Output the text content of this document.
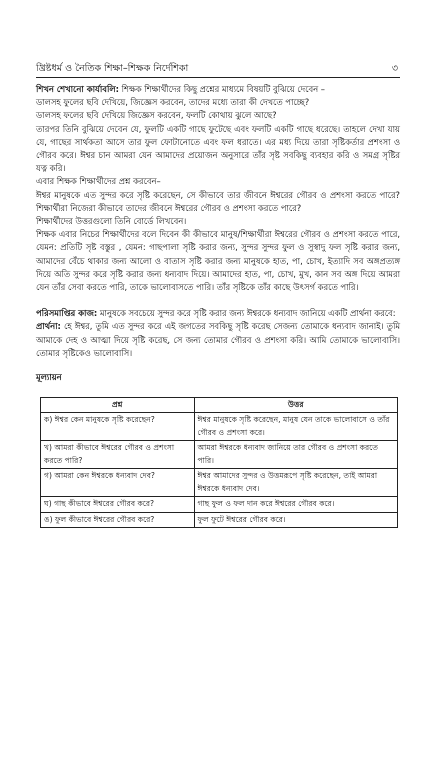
খ্রিষ্টধর্ম ও নৈতিক শিক্ষা–শিক্ষক নির্দেশিকা	৩

শিখন শেখানো কার্যাবলি: শিক্ষক শিক্ষার্থীদের কিছু প্রশ্নের মাধ্যমে বিষয়টি বুঝিয়ে দেবেন –

ডালসহ ফুলের ছবি দেখিয়ে, জিজ্ঞেস করবেন, তাদের মধ্যে তারা কী দেখতে পাচ্ছে?

ডালসহ ফলের ছবি দেখিয়ে জিজ্ঞেস করবেন, ফলটি কোথায় ঝুলে আছে?

তারপর তিনি বুঝিয়ে দেবেন যে, ফুলটি একটি গাছে ফুটেছে এবং ফলটি একটি গাছে ধরেছে। তাহলে দেখা যায় যে, গাছের সার্থকতা আসে তার ফুল ফোটানোতে এবং ফল ধরাতে। এর মধ্য দিয়ে তারা সৃষ্টিকর্তার প্রশংসা ও গৌরব করে। ঈশ্বর চান আমরা যেন আমাদের প্রয়োজন অনুসারে তাঁর সৃষ্ট সবকিছু ব্যবহার করি ও সমগ্র সৃষ্টির যত্ন করি।

এবার শিক্ষক শিক্ষার্থীদের প্রশ্ন করবেন–

ঈশ্বর মানুষকে এত সুন্দর করে সৃষ্টি করেছেন, সে কীভাবে তার জীবনে ঈশ্বরের গৌরব ও প্রশংসা করতে পারে? শিক্ষার্থীরা নিজেরা কীভাবে তাদের জীবনে ঈশ্বরের গৌরব ও প্রশংসা করতে পারে?

শিক্ষার্থীদের উত্তরগুলো তিনি বোর্ডে লিখবেন।

শিক্ষক এবার নিচের শিক্ষার্থীদের বলে দিবেন কী কীভাবে মানুষ/শিক্ষার্থীরা ঈশ্বরের গৌরব ও প্রশংসা করতে পারে, যেমন: প্রতিটি সৃষ্ট বস্তুর , যেমন: গাছপালা সৃষ্টি করার জন্য, সুন্দর সুন্দর ফুল ও সুস্বাদু ফল সৃষ্টি করার জন্য, আমাদের বেঁচে থাকার জন্য আলো ও বাতাস সৃষ্টি করার জন্য মানুষকে হাত, পা, চোখ, ইত্যাদি সব অঙ্গপ্রত্যঙ্গ দিয়ে অতি সুন্দর করে সৃষ্টি করার জন্য ধন্যবাদ দিয়ে। আমাদের হাত, পা, চোখ, মুখ, কান সব অঙ্গ দিয়ে আমরা যেন তাঁর সেবা করতে পারি, তাকে ভালোবাসতে পারি। তাঁর সৃষ্টিকে তাঁর কাছে উৎসর্গ করতে পারি।

পরিসমাপ্তির কাজ: মানুষকে সবচেয়ে সুন্দর করে সৃষ্টি করার জন্য ঈশ্বরকে ধন্যবাদ জানিয়ে একটি প্রার্থনা করবে:

প্রার্থনা: হে ঈশ্বর, তুমি এত সুন্দর করে এই জগতের সবকিছু সৃষ্টি করেছ সেজন্য তোমাকে ধন্যবাদ জানাই। তুমি আমাকে দেহ ও আত্মা দিয়ে সৃষ্টি করেছ, সে জন্য তোমার গৌরব ও প্রশংসা করি। আমি তোমাকে ভালোবাসি। তোমার সৃষ্টিকেও ভালোবাসি।

মূল্যায়ন
প্রশ্ন	উত্তর
ক) ঈশ্বর কেন মানুষকে সৃষ্টি করেছেন?	ঈশ্বর মানুষকে সৃষ্টি করেছেন, মানুষ যেন তাকে ভালোবাসে ও তাঁর গৌরব ও প্রশংসা করে।
খ) আমরা কীভাবে ঈশ্বরের গৌরব ও প্রশংসা করতে পারি?	আমরা ঈশ্বরকে ধন্যবাদ জানিয়ে তার গৌরব ও প্রশংসা করতে পারি।
গ) আমরা কেন ঈশ্বরকে ধন্যবাদ দেব?	ঈশ্বর আমাদের সুন্দর ও উত্তমরূপে সৃষ্টি করেছেন, তাই আমরা ঈশ্বরকে ধন্যবাদ দেব।
ঘ) গাছ কীভাবে ঈশ্বরের গৌরব করে?	গাছ ফুল ও ফল দান করে ঈশ্বরের গৌরব করে।
ঙ) ফুল কীভাবে ঈশ্বরের গৌরব করে?	ফুল ফুটে ঈশ্বরের গৌরব করে।
